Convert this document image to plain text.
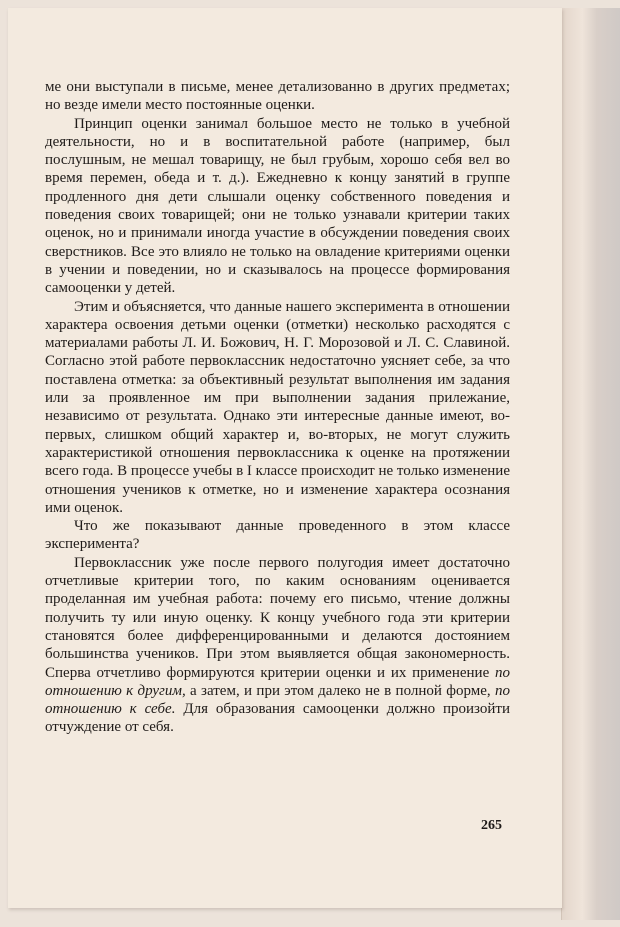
ме они выступали в письме, менее детализованно в других предметах; но везде имели место постоянные оценки.

Принцип оценки занимал большое место не только в учебной деятельности, но и в воспитательной работе (например, был послушным, не мешал товарищу, не был грубым, хорошо себя вел во время перемен, обеда и т. д.). Ежедневно к концу занятий в группе продленного дня дети слышали оценку собственного поведения и поведения своих товарищей; они не только узнавали критерии таких оценок, но и принимали иногда участие в обсуждении поведения своих сверстников. Все это влияло не только на овладение критериями оценки в учении и поведении, но и сказывалось на процессе формирования самооценки у детей.

Этим и объясняется, что данные нашего эксперимента в отношении характера освоения детьми оценки (отметки) несколько расходятся с материалами работы Л. И. Божович, Н. Г. Морозовой и Л. С. Славиной. Согласно этой работе первоклассник недостаточно уясняет себе, за что поставлена отметка: за объективный результат выполнения им задания или за проявленное им при выполнении задания прилежание, независимо от результата. Однако эти интересные данные имеют, во-первых, слишком общий характер и, во-вторых, не могут служить характеристикой отношения первоклассника к оценке на протяжении всего года. В процессе учебы в I классе происходит не только изменение отношения учеников к отметке, но и изменение характера осознания ими оценок.

Что же показывают данные проведенного в этом классе эксперимента?

Первоклассник уже после первого полугодия имеет достаточно отчетливые критерии того, по каким основаниям оценивается проделанная им учебная работа: почему его письмо, чтение должны получить ту или иную оценку. К концу учебного года эти критерии становятся более дифференцированными и делаются достоянием большинства учеников. При этом выявляется общая закономерность. Сперва отчетливо формируются критерии оценки и их применение по отношению к другим, а затем, и при этом далеко не в полной форме, по отношению к себе. Для образования самооценки должно произойти отчуждение от себя.

265
